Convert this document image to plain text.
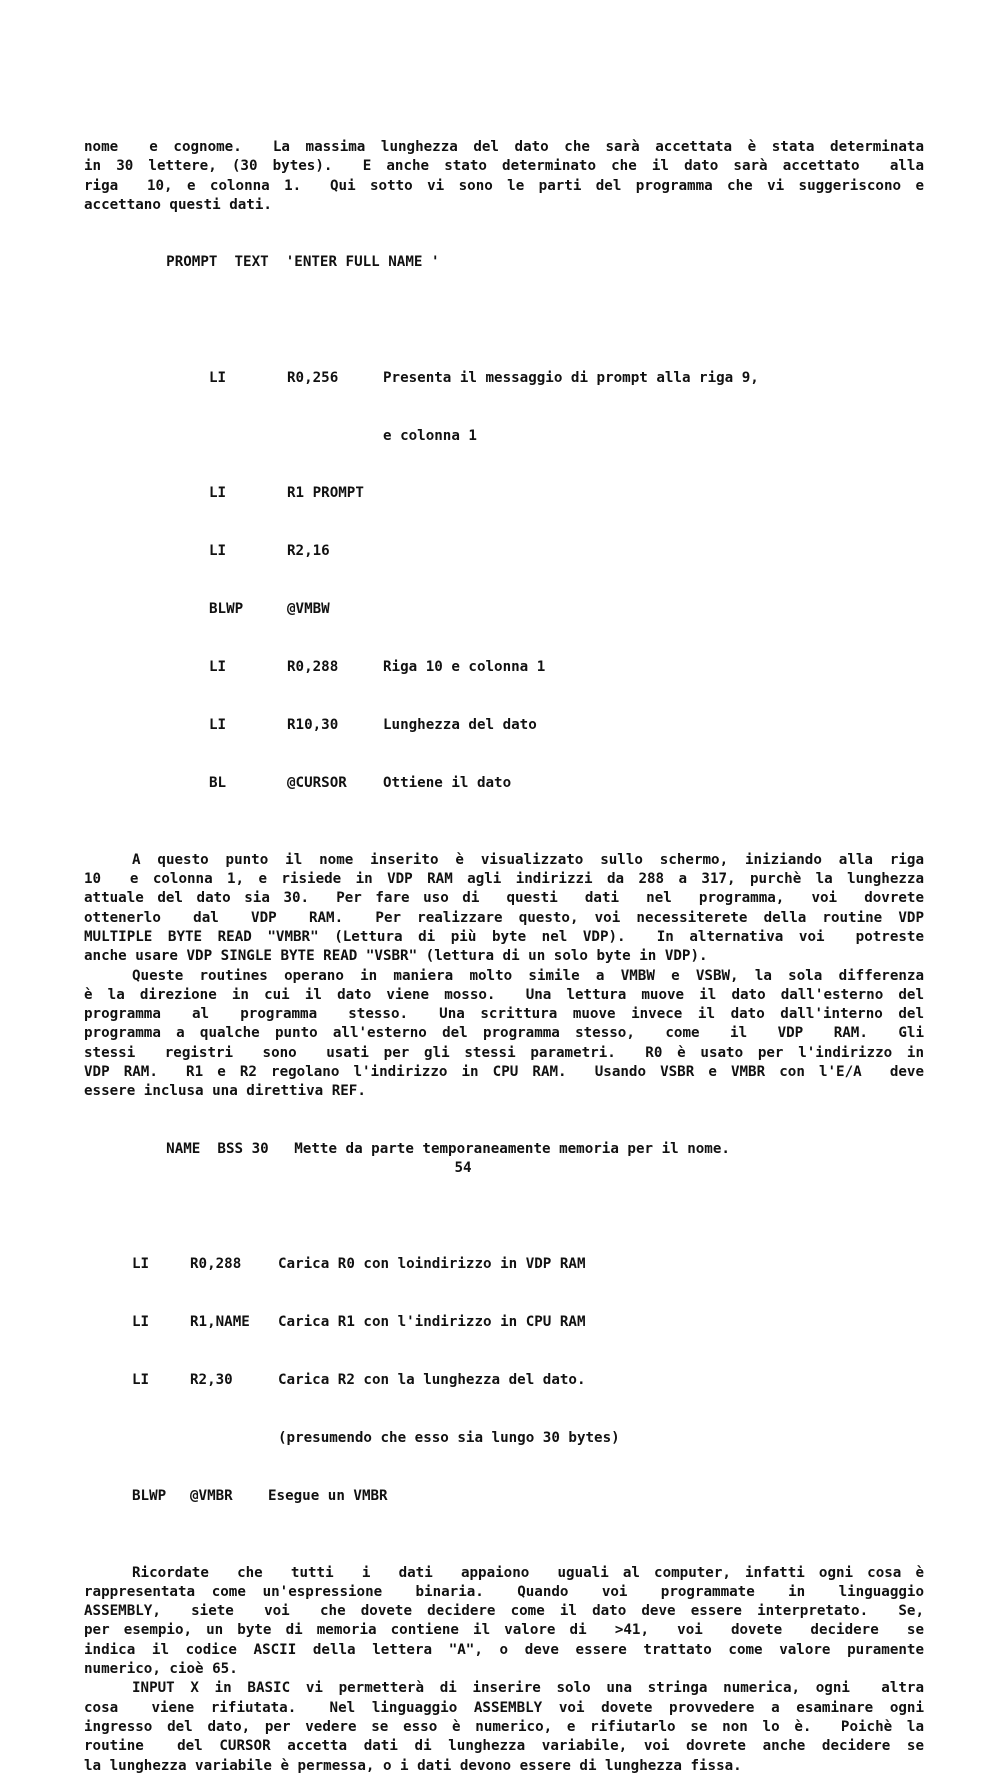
nome  e cognome.  La massima lunghezza del dato che sarà accettata è stata determinata
in 30 lettere, (30 bytes).  E anche stato determinato che il dato sarà accettato  alla
riga  10, e colonna 1.  Qui sotto vi sono le parti del programma che vi suggeriscono e
accettano questi dati.

PROMPT  TEXT  'ENTER FULL NAME '

LI	R0,256	Presenta il messaggio di prompt alla riga 9,

e colonna 1

LI	R1 PROMPT

LI	R2,16

BLWP	@VMBW

LI	R0,288	Riga 10 e colonna 1

LI	R10,30	Lunghezza del dato

BL	@CURSOR	Ottiene il dato

A questo punto il nome inserito è visualizzato sullo schermo, iniziando alla riga
10  e colonna 1, e risiede in VDP RAM agli indirizzi da 288 a 317, purchè la lunghezza
attuale del dato sia 30.  Per fare uso di  questi  dati  nel  programma,  voi  dovrete
ottenerlo  dal  VDP  RAM.  Per realizzare questo, voi necessiterete della routine VDP
MULTIPLE BYTE READ "VMBR" (Lettura di più byte nel VDP).  In alternativa voi  potreste
anche usare VDP SINGLE BYTE READ "VSBR" (lettura di un solo byte in VDP).
Queste routines operano in maniera molto simile a VMBW e VSBW, la sola differenza
è la direzione in cui il dato viene mosso.  Una lettura muove il dato dall'esterno del
programma  al  programma  stesso.  Una scrittura muove invece il dato dall'interno del
programma a qualche punto all'esterno del programma stesso,  come  il  VDP  RAM.  Gli
stessi  registri  sono  usati per gli stessi parametri.  R0 è usato per l'indirizzo in
VDP RAM.  R1 e R2 regolano l'indirizzo in CPU RAM.  Usando VSBR e VMBR con l'E/A  deve
essere inclusa una direttiva REF.

NAME  BSS 30   Mette da parte temporaneamente memoria per il nome.

LI	R0,288	Carica R0 con loindirizzo in VDP RAM

LI	R1,NAME	Carica R1 con l'indirizzo in CPU RAM

LI	R2,30	Carica R2 con la lunghezza del dato.

(presumendo che esso sia lungo 30 bytes)

BLWP	@VMBR	Esegue un VMBR

Ricordate  che  tutti  i  dati  appaiono  uguali al computer, infatti ogni cosa è
rappresentata come un'espressione  binaria.  Quando  voi  programmate  in  linguaggio
ASSEMBLY,  siete  voi  che dovete decidere come il dato deve essere interpretato.  Se,
per esempio, un byte di memoria contiene il valore di  >41,  voi  dovete  decidere  se
indica il codice ASCII della lettera "A", o deve essere trattato come valore puramente
numerico, cioè 65.
INPUT X in BASIC vi permetterà di inserire solo una stringa numerica, ogni  altra
cosa  viene rifiutata.  Nel linguaggio ASSEMBLY voi dovete provvedere a esaminare ogni
ingresso del dato, per vedere se esso è numerico, e rifiutarlo se non lo è.  Poichè la
routine  del CURSOR accetta dati di lunghezza variabile, voi dovrete anche decidere se
la lunghezza variabile è permessa, o i dati devono essere di lunghezza fissa.
54
